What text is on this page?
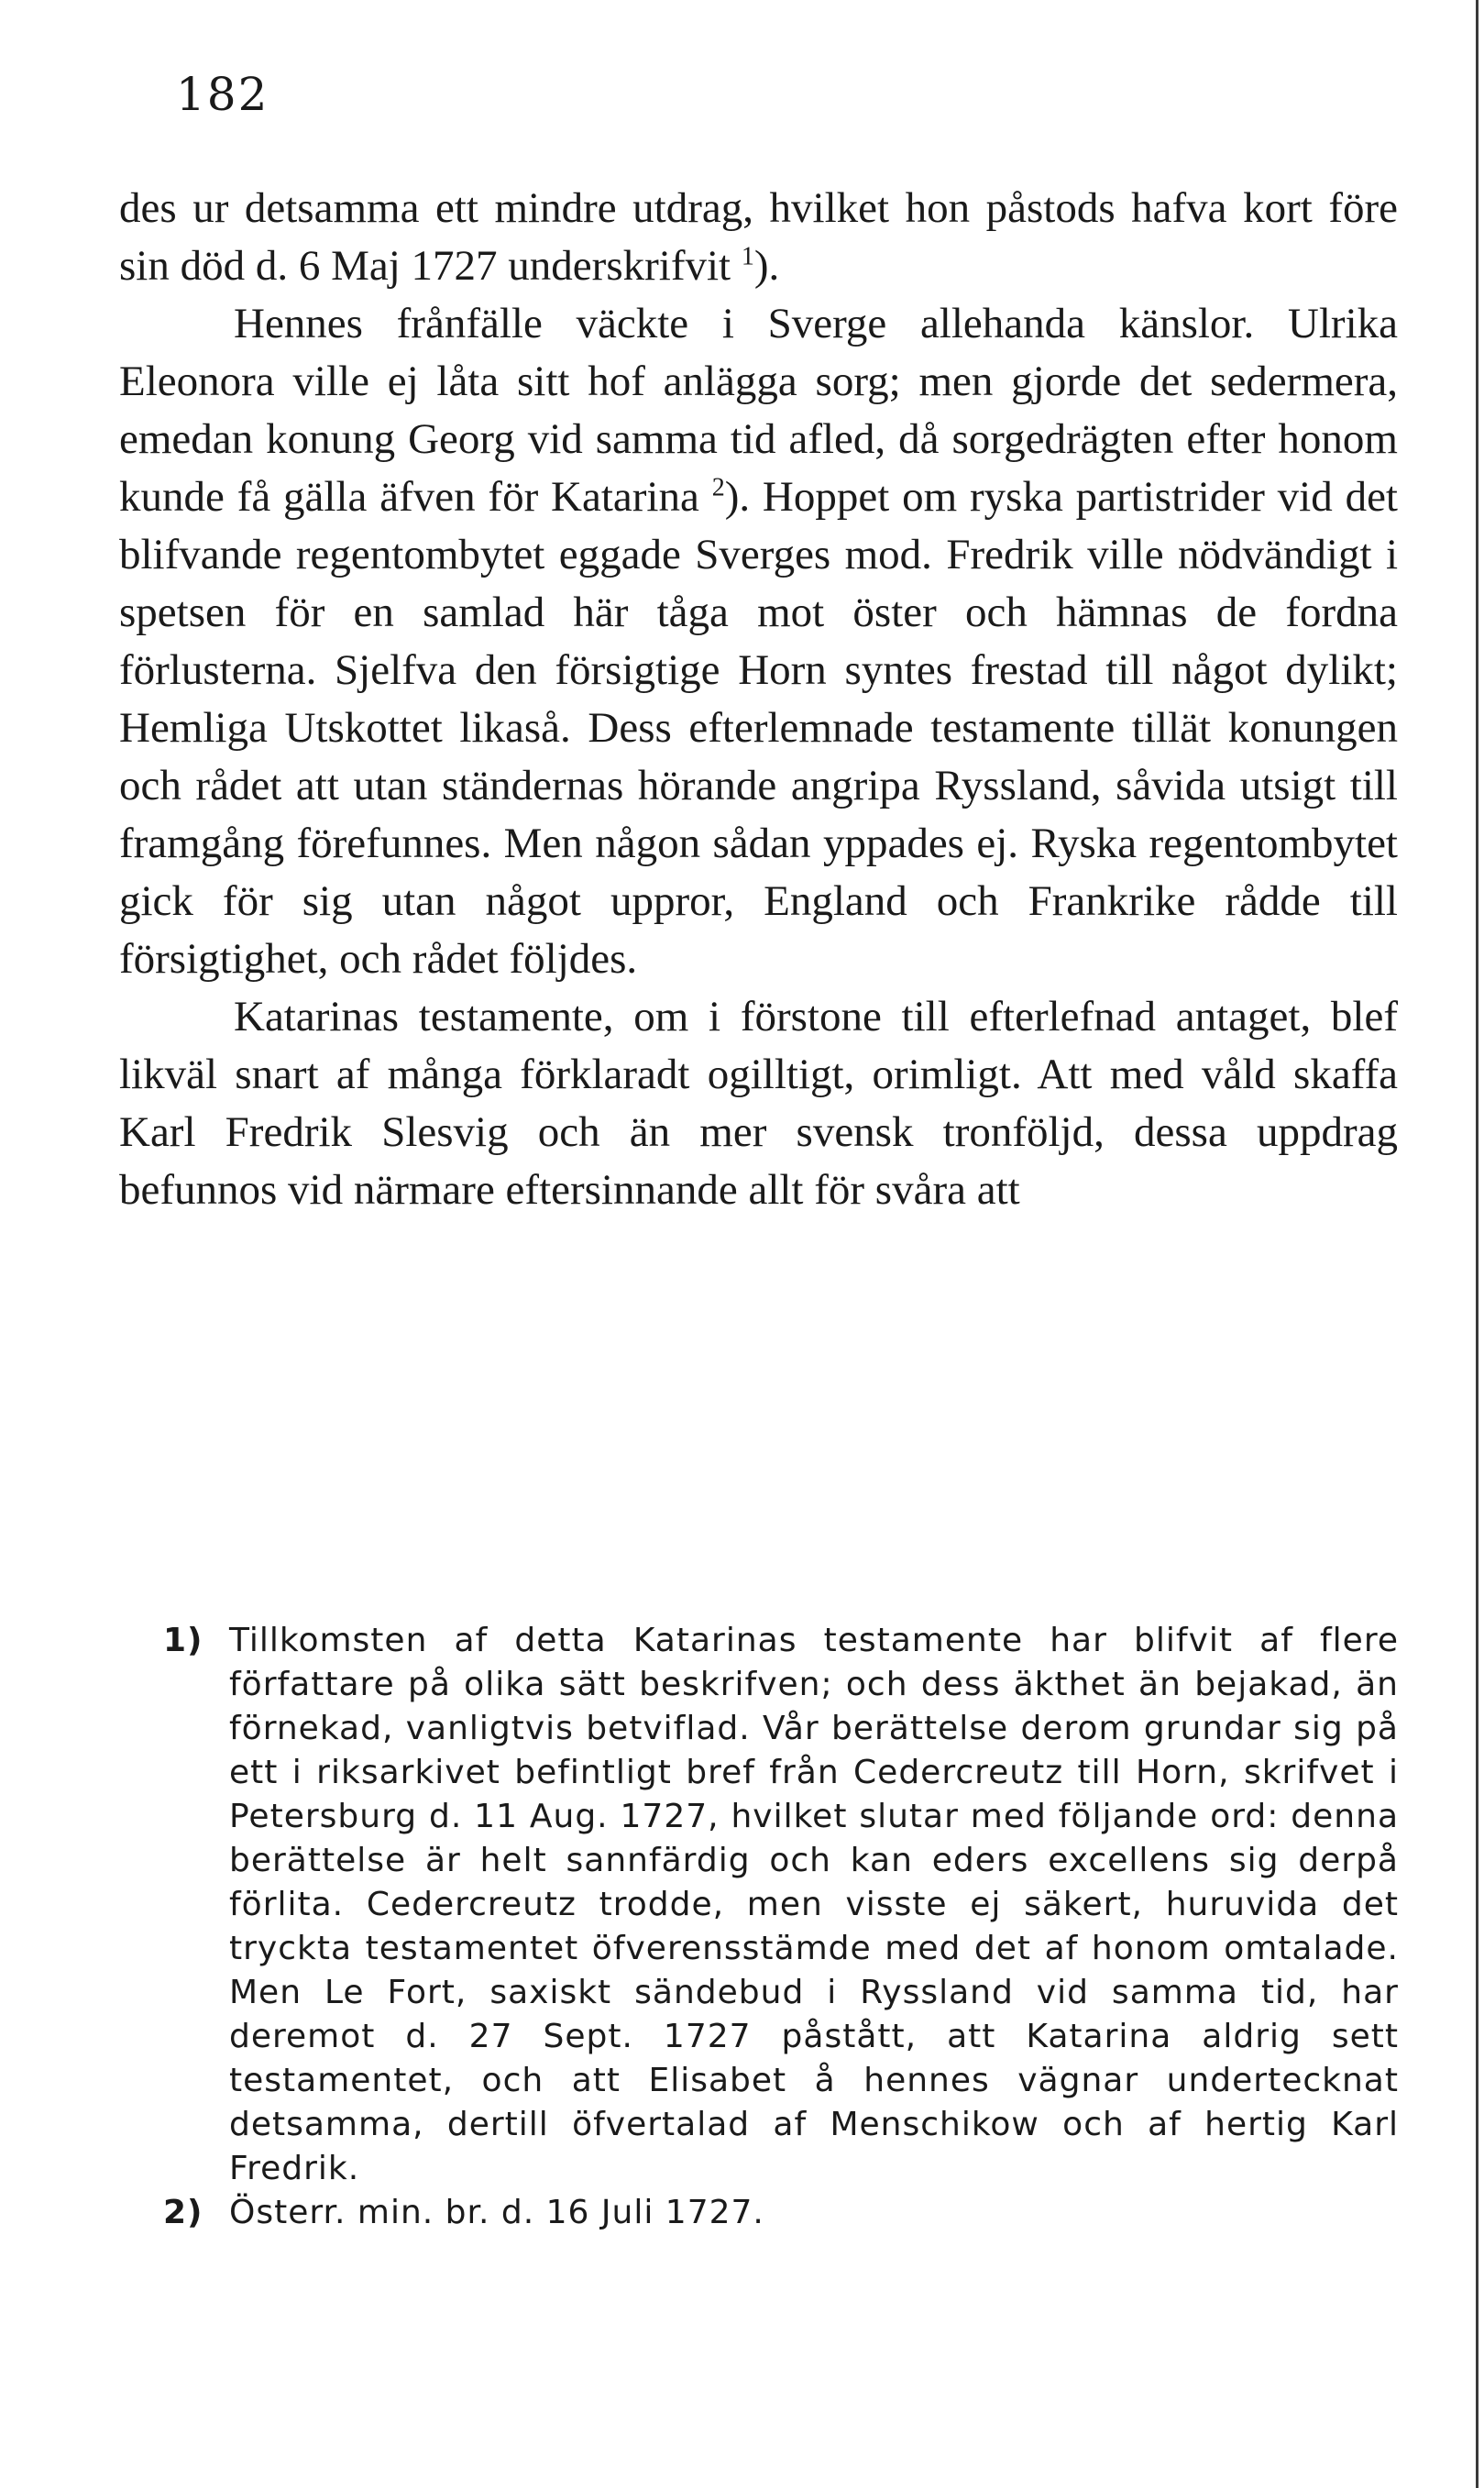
182

des ur detsamma ett mindre utdrag, hvilket hon påstods hafva kort före sin död d. 6 Maj 1727 underskrifvit $^1$).

Hennes frånfälle väckte i Sverge allehanda känslor. Ulrika Eleonora ville ej låta sitt hof anlägga sorg; men gjorde det sedermera, emedan konung Georg vid samma tid afled, då sorgedrägten efter honom kunde få gälla äfven för Katarina $^2$). Hoppet om ryska partistrider vid det blifvande regentombytet eggade Sverges mod. Fredrik ville nödvändigt i spetsen för en samlad här tåga mot öster och hämnas de fordna förlusterna. Sjelfva den försigtige Horn syntes frestad till något dylikt; Hemliga Utskottet likaså. Dess efterlemnade testamente tillät konungen och rådet att utan ständernas hörande angripa Ryssland, såvida utsigt till framgång förefunnes. Men någon sådan yppades ej. Ryska regentombytet gick för sig utan något uppror, England och Frankrike rådde till försigtighet, och rådet följdes.

Katarinas testamente, om i förstone till efterlefnad antaget, blef likväl snart af många förklaradt ogilltigt, orimligt. Att med våld skaffa Karl Fredrik Slesvig och än mer svensk tronföljd, dessa uppdrag befunnos vid närmare eftersinnande allt för svåra att

1) Tillkomsten af detta Katarinas testamente har blifvit af flere författare på olika sätt beskrifven; och dess äkthet än bejakad, än förnekad, vanligtvis betviflad. Vår berättelse derom grundar sig på ett i riksarkivet befintligt bref från Cedercreutz till Horn, skrifvet i Petersburg d. 11 Aug. 1727, hvilket slutar med följande ord: denna berättelse är helt sannfärdig och kan eders excellens sig derpå förlita. Cedercreutz trodde, men visste ej säkert, huruvida det tryckta testamentet öfverensstämde med det af honom omtalade. Men Le Fort, saxiskt sändebud i Ryssland vid samma tid, har deremot d. 27 Sept. 1727 påstått, att Katarina aldrig sett testamentet, och att Elisabet å hennes vägnar undertecknat detsamma, dertill öfvertalad af Menschikow och af hertig Karl Fredrik.
2) Österr. min. br. d. 16 Juli 1727.
